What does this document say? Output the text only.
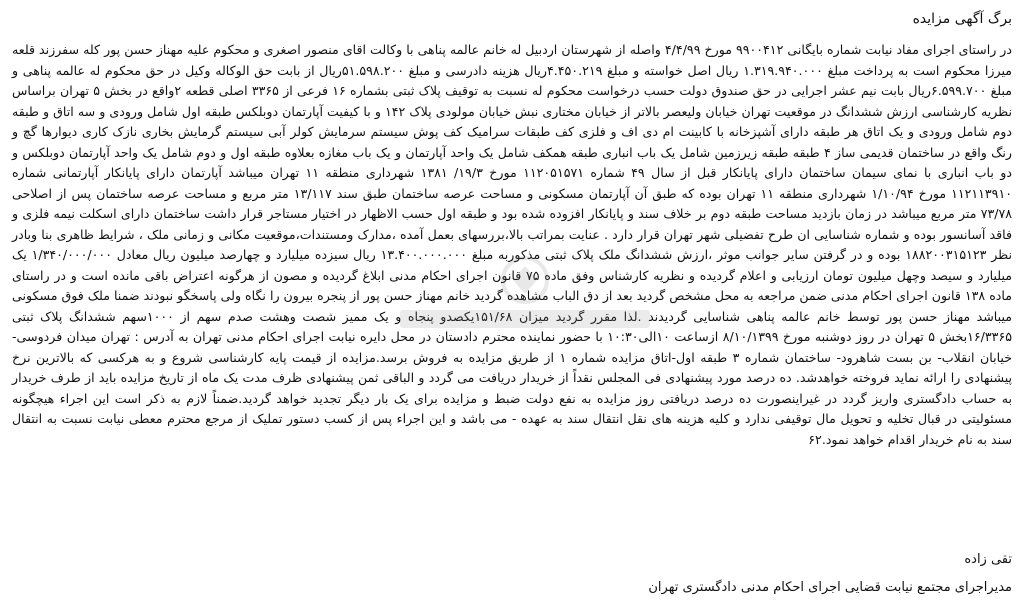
برگ آگهی مزایده

در راستای اجرای مفاد نیابت شماره بایگانی ۹۹۰۰۴۱۲ مورخ ۴/۴/۹۹ واصله از شهرستان اردبیل له خانم عالمه پناهی با وکالت اقای منصور اصغری و محکوم علیه مهناز حسن پور کله سفرزند قلعه میرزا محکوم است به پرداخت مبلغ ۱.۳۱۹.۹۴۰.۰۰۰ ریال اصل خواسته و مبلغ ۴.۴۵۰.۲۱۹ریال هزینه دادرسی و مبلغ ۵۱.۵۹۸.۲۰۰ریال از بابت حق الوکاله وکیل در حق محکوم له عالمه پناهی و مبلغ ۶.۵۹۹.۷۰۰ریال بابت نیم عشر اجرایی در حق صندوق دولت حسب درخواست محکوم له نسبت به توقیف پلاک ثبتی بشماره ۱۶ فرعی از ۳۳۶۵ اصلی قطعه ۲واقع در بخش ۵ تهران براساس نظریه کارشناسی ارزش ششدانگ در موقعیت تهران خیابان ولیعصر بالاتر از خیابان مختاری نبش خیابان مولودی پلاک ۱۴۲ و با کیفیت آپارتمان دوبلکس طبقه اول شامل ورودی و سه اتاق و طبقه دوم شامل ورودی و یک اتاق هر طبقه دارای آشپزخانه با کابینت ام دی اف و فلزی کف طبقات سرامیک کف پوش سیستم سرمایش کولر آبی سیستم گرمایش بخاری نازک کاری دیوارها گچ و رنگ واقع در ساختمان قدیمی ساز ۴ طبقه طبقه زیرزمین شامل یک باب انباری طبقه همکف شامل یک واحد آپارتمان و یک باب مغازه بعلاوه طبقه اول و دوم شامل یک واحد آپارتمان دوبلکس و دو باب انباری با نمای سیمان ساختمان دارای پایانکار قبل از سال ۴۹ شماره ۱۱۲۰۵۱۵۷۱ مورخ ۱۹/۳/ ۱۳۸۱ شهرداری منطقه ۱۱ تهران میباشد آپارتمان دارای پایانکار آپارتمانی شماره ۱۱۲۱۱۳۹۱۰ مورخ ۱/۱۰/۹۴ شهرداری منطقه ۱۱ تهران بوده که طبق آن آپارتمان مسکونی و مساحت عرصه ساختمان طبق سند ۱۳/۱۱۷ متر مربع و مساحت عرصه ساختمان پس از اصلاحی ۷۳/۷۸ متر مربع میباشد در زمان بازدید مساحت طبقه دوم بر خلاف سند و پایانکار افزوده شده بود و طبقه اول حسب الاظهار در اختیار مستاجر قرار داشت ساختمان دارای اسکلت نیمه فلزی و فاقد آسانسور بوده و شماره شناسایی ان طرح تفضیلی شهر تهران قرار دارد . عنایت بمراتب بالا،بررسهای بعمل آمده ،مدارک ومستندات،موقعیت مکانی و زمانی ملک ، شرایط ظاهری بنا وبادر نظر ۱۸۸۲۰۰۳۱۵۱۲۳ بوده و در گرفتن سایر جوانب موثر ،ارزش ششدانگ ملک پلاک ثبتی مذکوربه مبلغ ۱۳.۴۰۰.۰۰۰.۰۰۰ ریال سیزده میلیارد و چهارصد میلیون ریال معادل ۱/۳۴۰/۰۰۰/۰۰۰ یک میلیارد و سیصد وچهل میلیون تومان ارزیابی و اعلام گردیده و نظریه کارشناس وفق ماده ۷۵ قانون اجرای احکام مدنی ابلاغ گردیده و مصون از هرگونه اعتراض باقی مانده است و در راستای ماده ۱۳۸ قانون اجرای احکام مدنی ضمن مراجعه به محل مشخص گردید بعد از دق الباب مشاهده گردید خانم مهناز حسن پور از پنجره بیرون را نگاه ولی پاسخگو نبودند ضمنا ملک فوق مسکونی میباشد مهناز حسن پور توسط خانم عالمه پناهی شناسایی گردیدند .لذا مقرر گردید میزان ۱۵۱/۶۸یکصدو پنجاه و یک ممیز شصت وهشت صدم سهم از ۱۰۰۰سهم ششدانگ پلاک ثبتی ۱۶/۳۳۶۵بخش ۵ تهران در روز دوشنبه مورخ ۸/۱۰/۱۳۹۹ ازساعت ۱۰الی۱۰:۳۰ با حضور نماینده محترم دادستان در محل دایره نیابت اجرای احکام مدنی تهران به آدرس : تهران میدان فردوسی- خیابان انقلاب- بن بست شاهرود- ساختمان شماره ۳ طبقه اول-اتاق مزایده شماره ۱ از طریق مزایده به فروش برسد.مزایده از قیمت پایه کارشناسی شروع و به هرکسی که بالاترین نرخ پیشنهادی را ارائه نماید فروخته خواهدشد. ده درصد مورد پیشنهادی فی المجلس نقداً از خریدار دریافت می گردد و الباقی ثمن پیشنهادی ظرف مدت یک ماه از تاریخ مزایده باید از طرف خریدار به حساب دادگستری واریز گردد در غیراینصورت ده درصد دریافتی روز مزایده به نفع دولت ضبط و مزایده برای یک بار دیگر تجدید خواهد گردید.ضمناً لازم به ذکر است این اجراء هیچگونه مسئولیتی در قبال تخلیه و تحویل مال توقیفی ندارد و کلیه هزینه های نقل انتقال سند به عهده - می باشد و این اجراء پس از کسب دستور تملیک از مرجع محترم معطی نیابت نسبت به انتقال سند به نام خریدار اقدام خواهد نمود.۶۲

تقی زاده
مدیراجرای مجتمع نیابت قضایی اجرای احکام مدنی دادگستری تهران
